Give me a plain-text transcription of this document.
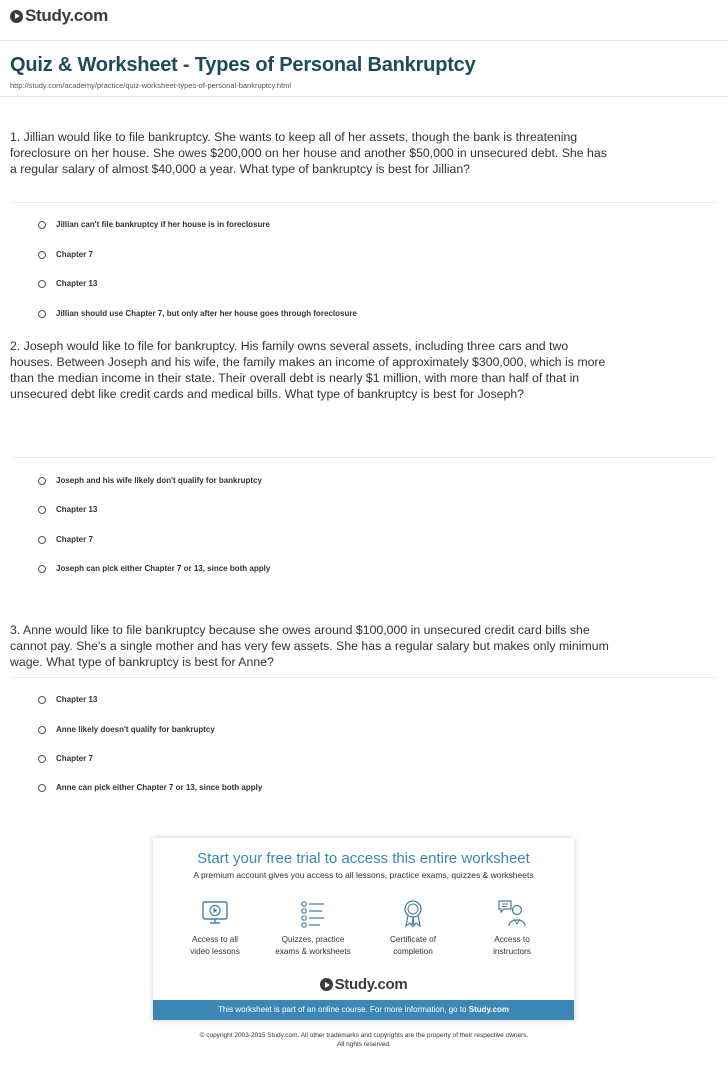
Study.com
Quiz & Worksheet - Types of Personal Bankruptcy
http://study.com/academy/practice/quiz-worksheet-types-of-personal-bankruptcy.html

1. Jillian would like to file bankruptcy. She wants to keep all of her assets, though the bank is threatening foreclosure on her house. She owes $200,000 on her house and another $50,000 in unsecured debt. She has a regular salary of almost $40,000 a year. What type of bankruptcy is best for Jillian?

Jillian can't file bankruptcy if her house is in foreclosure
Chapter 7
Chapter 13
Jillian should use Chapter 7, but only after her house goes through foreclosure

2. Joseph would like to file for bankruptcy. His family owns several assets, including three cars and two houses. Between Joseph and his wife, the family makes an income of approximately $300,000, which is more than the median income in their state. Their overall debt is nearly $1 million, with more than half of that in unsecured debt like credit cards and medical bills. What type of bankruptcy is best for Joseph?

Joseph and his wife likely don't qualify for bankruptcy
Chapter 13
Chapter 7
Joseph can pick either Chapter 7 or 13, since both apply

3. Anne would like to file bankruptcy because she owes around $100,000 in unsecured credit card bills she cannot pay. She's a single mother and has very few assets. She has a regular salary but makes only minimum wage. What type of bankruptcy is best for Anne?

Chapter 13
Anne likely doesn't qualify for bankruptcy
Chapter 7
Anne can pick either Chapter 7 or 13, since both apply
Start your free trial to access this entire worksheet
A premium account gives you access to all lessons, practice exams, quizzes & worksheets
Access to all
video lessons
Quizzes, practice
exams & worksheets
Certificate of
completion
Access to
instructors
Study.com
This worksheet is part of an online course. For more information, go to Study.com
© copyright 2003-2015 Study.com. All other trademarks and copyrights are the property of their respective owners.
All rights reserved.
